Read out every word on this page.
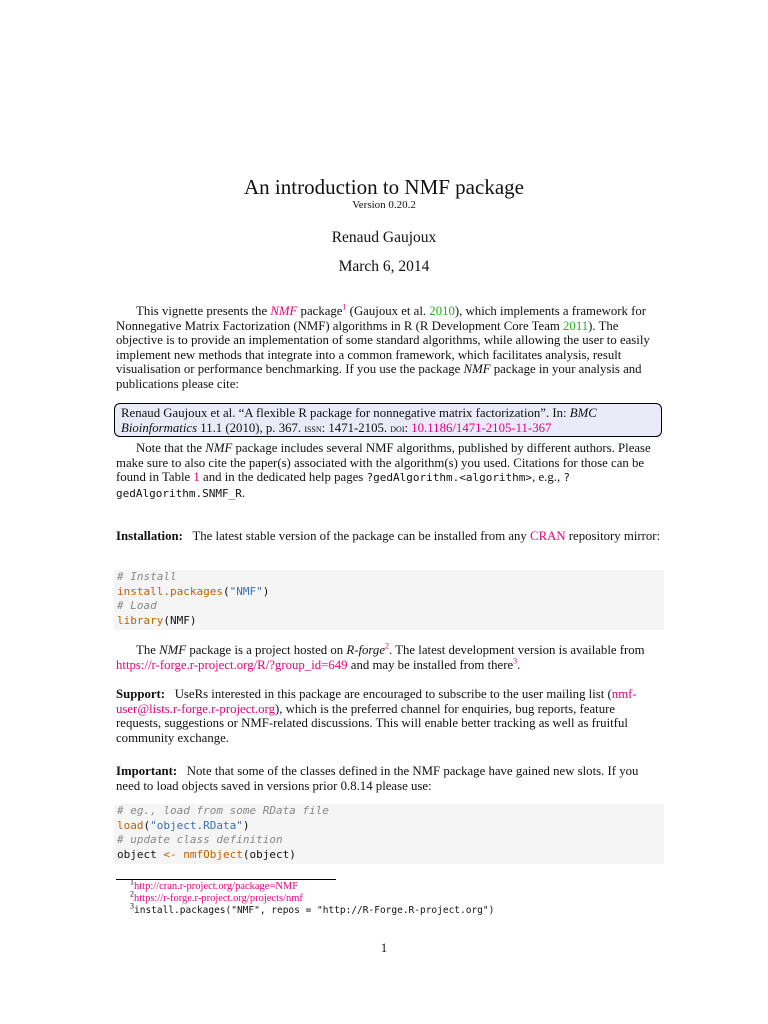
An introduction to NMF package
Version 0.20.2
Renaud Gaujoux
March 6, 2014
This vignette presents the NMF package$^1$ (Gaujoux et al. 2010), which implements a framework for Nonnegative Matrix Factorization (NMF) algorithms in R (R Development Core Team 2011). The objective is to provide an implementation of some standard algorithms, while allowing the user to easily implement new methods that integrate into a common framework, which facilitates analysis, result visualisation or performance benchmarking. If you use the package NMF package in your analysis and publications please cite:
Renaud Gaujoux et al. “A flexible R package for nonnegative matrix factorization”. In: BMC Bioinformatics 11.1 (2010), p. 367. issn: 1471-2105. doi: 10.1186/1471-2105-11-367
Note that the NMF package includes several NMF algorithms, published by different authors. Please make sure to also cite the paper(s) associated with the algorithm(s) you used. Citations for those can be found in Table 1 and in the dedicated help pages ?gedAlgorithm.<algorithm>, e.g., ?gedAlgorithm.SNMF_R.
Installation: The latest stable version of the package can be installed from any CRAN repository mirror:
# Install
install.packages("NMF")
# Load
library(NMF)
The NMF package is a project hosted on R-forge$^2$. The latest development version is available from https://r-forge.r-project.org/R/?group_id=649 and may be installed from there$^3$.
Support: UseRs interested in this package are encouraged to subscribe to the user mailing list (nmf-user@lists.r-forge.r-project.org), which is the preferred channel for enquiries, bug reports, feature requests, suggestions or NMF-related discussions. This will enable better tracking as well as fruitful community exchange.
Important: Note that some of the classes defined in the NMF package have gained new slots. If you need to load objects saved in versions prior 0.8.14 please use:
# eg., load from some RData file
load("object.RData")
# update class definition
object <- nmfObject(object)
$^1$http://cran.r-project.org/package=NMF
$^2$https://r-forge.r-project.org/projects/nmf
$^3$install.packages("NMF", repos = "http://R-Forge.R-project.org")
1
